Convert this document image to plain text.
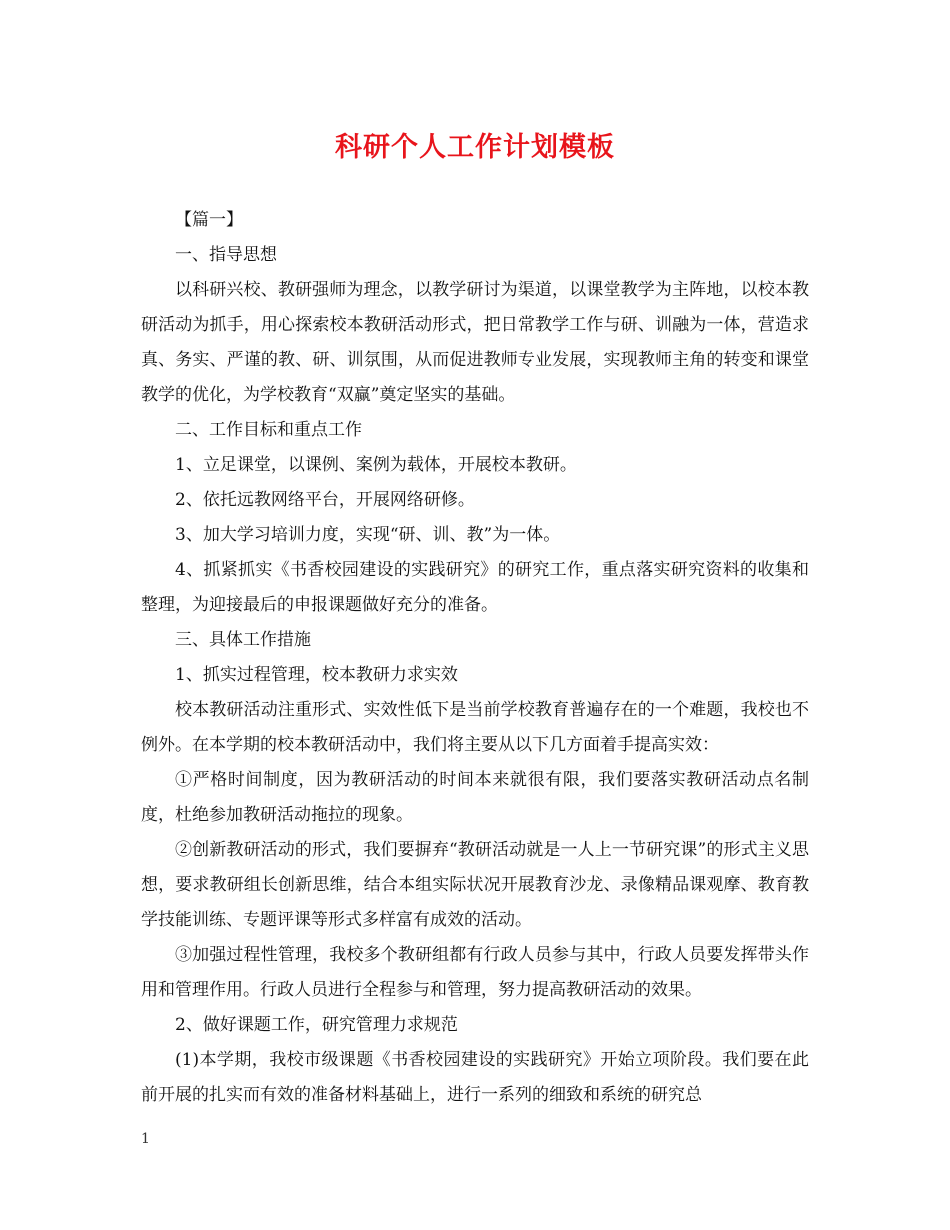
科研个人工作计划模板

【篇一】

一、指导思想

以科研兴校、教研强师为理念，以教学研讨为渠道，以课堂教学为主阵地，以校本教研活动为抓手，用心探索校本教研活动形式，把日常教学工作与研、训融为一体，营造求真、务实、严谨的教、研、训氛围，从而促进教师专业发展，实现教师主角的转变和课堂教学的优化，为学校教育“双赢”奠定坚实的基础。

二、工作目标和重点工作

1、立足课堂，以课例、案例为载体，开展校本教研。

2、依托远教网络平台，开展网络研修。

3、加大学习培训力度，实现“研、训、教”为一体。

4、抓紧抓实《书香校园建设的实践研究》的研究工作，重点落实研究资料的收集和整理，为迎接最后的申报课题做好充分的准备。

三、具体工作措施

1、抓实过程管理，校本教研力求实效

校本教研活动注重形式、实效性低下是当前学校教育普遍存在的一个难题，我校也不例外。在本学期的校本教研活动中，我们将主要从以下几方面着手提高实效：

①严格时间制度，因为教研活动的时间本来就很有限，我们要落实教研活动点名制度，杜绝参加教研活动拖拉的现象。

②创新教研活动的形式，我们要摒弃“教研活动就是一人上一节研究课”的形式主义思想，要求教研组长创新思维，结合本组实际状况开展教育沙龙、录像精品课观摩、教育教学技能训练、专题评课等形式多样富有成效的活动。

③加强过程性管理，我校多个教研组都有行政人员参与其中，行政人员要发挥带头作用和管理作用。行政人员进行全程参与和管理，努力提高教研活动的效果。

2、做好课题工作，研究管理力求规范

(1)本学期，我校市级课题《书香校园建设的实践研究》开始立项阶段。我们要在此前开展的扎实而有效的准备材料基础上，进行一系列的细致和系统的研究总

1
